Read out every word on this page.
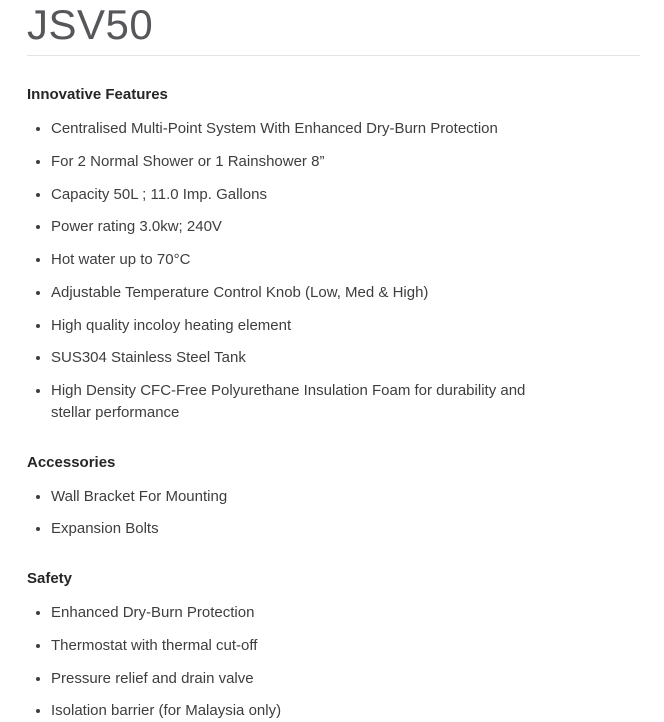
JSV50
Innovative Features
• Centralised Multi-Point System With Enhanced Dry-Burn Protection
• For 2 Normal Shower or 1 Rainshower 8”
• Capacity 50L ; 11.0 Imp. Gallons
• Power rating 3.0kw; 240V
• Hot water up to 70°C
• Adjustable Temperature Control Knob (Low, Med & High)
• High quality incoloy heating element
• SUS304 Stainless Steel Tank
• High Density CFC-Free Polyurethane Insulation Foam for durability and stellar performance
Accessories
• Wall Bracket For Mounting
• Expansion Bolts
Safety
• Enhanced Dry-Burn Protection
• Thermostat with thermal cut-off
• Pressure relief and drain valve
• Isolation barrier (for Malaysia only)
